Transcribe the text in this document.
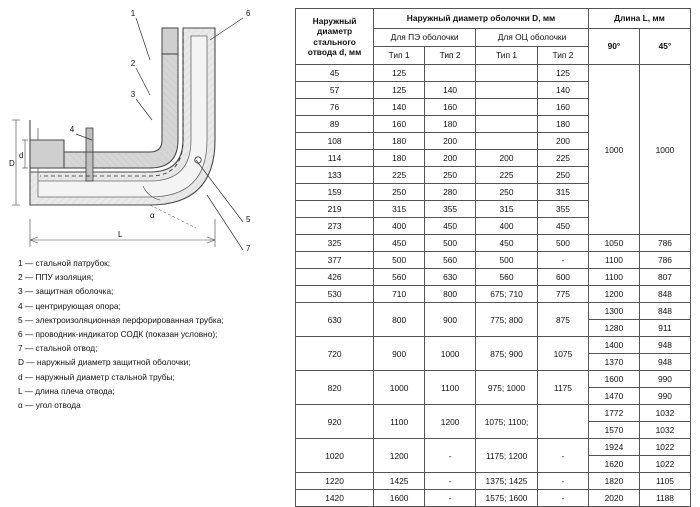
1
2
3
4
5
6
7
D
d
L
α
1 — стальной патрубок;
2 — ППУ изоляция;
3 — защитная оболочка;
4 — центрирующая опора;
5 — электроизоляционная перфорированная трубка;
6 — проводник-индикатор СОДК (показан условно);
7 — стальной отвод;
D — наружный диаметр защитной оболочки;
d — наружный диаметр стальной трубы;
L — длина плеча отвода;
α — угол отвода
Наружный диаметр стального отвода d, мм	Наружный диаметр оболочки D, мм				Длина L, мм	
	Для ПЭ оболочки		Для ОЦ оболочки		90°	45°
	Тип 1	Тип 2	Тип 1	Тип 2		
45	125			125	1000	1000
57	125	140		140		
76	140	160		160		
89	160	180		180		
108	180	200		200		
114	180	200	200	225		
133	225	250	225	250		
159	250	280	250	315		
219	315	355	315	355		
273	400	450	400	450		
325	450	500	450	500	1050	786
377	500	560	500	-	1100	786
426	560	630	560	600	1100	807
530	710	800	675; 710	775	1200	848
630	800	900	775; 800	875	1300	848
					1280	911
720	900	1000	875; 900	1075	1400	948
					1370	948
820	1000	1100	975; 1000	1175	1600	990
					1470	990
920	1100	1200	1075; 1100;		1772	1032
					1570	1032
1020	1200	-	1175; 1200	-	1924	1022
					1620	1022
1220	1425	-	1375; 1425	-	1820	1105
1420	1600	-	1575; 1600	-	2020	1188
